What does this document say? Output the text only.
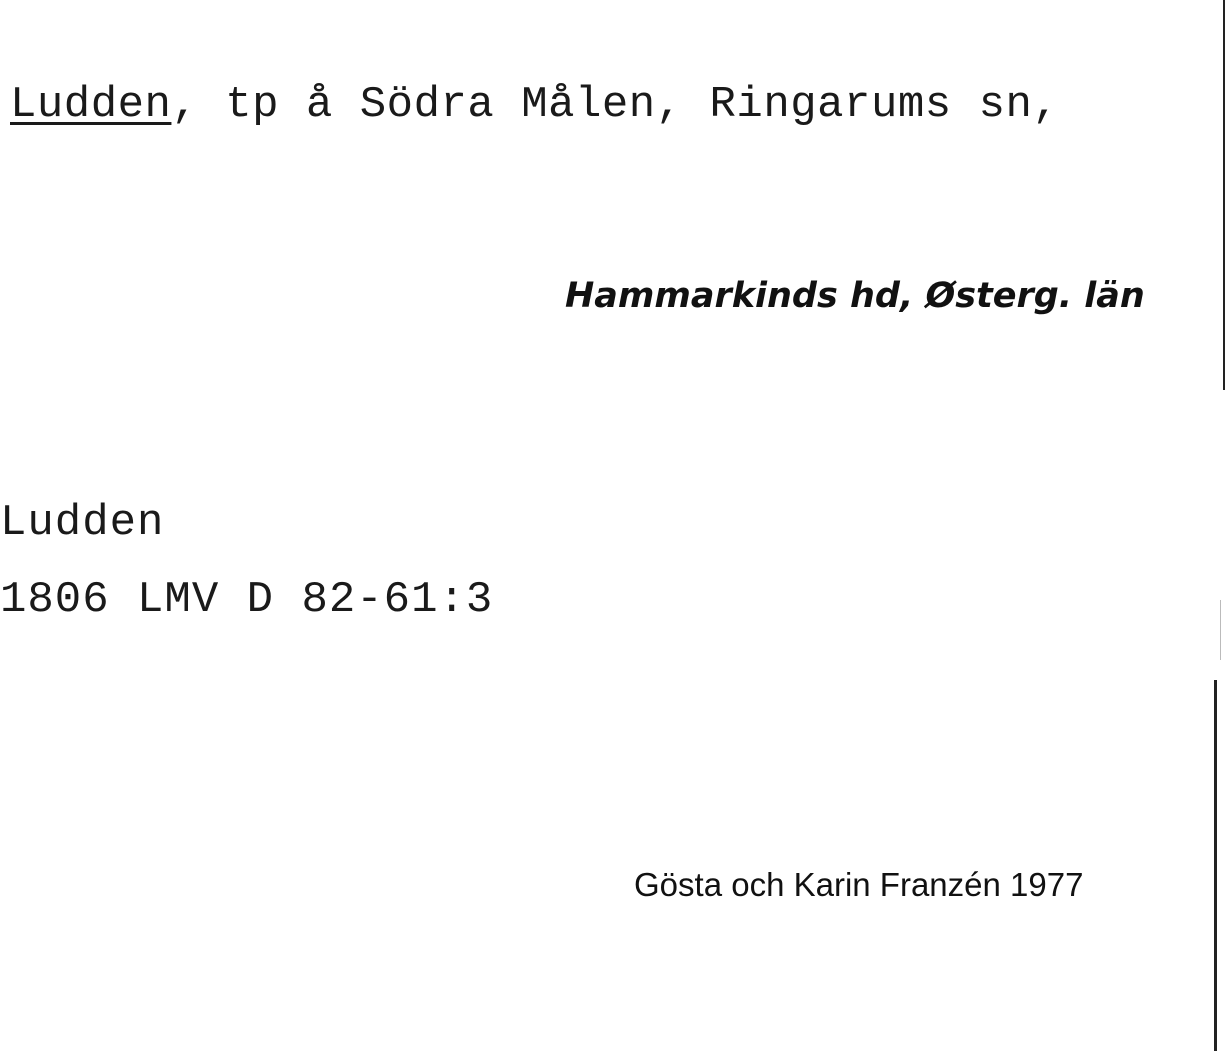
Ludden, tp å Södra Målen, Ringarums sn,
Hammarkinds hd, Østerg. län
Ludden
1806 LMV D 82-61:3
Gösta och Karin Franzén 1977
